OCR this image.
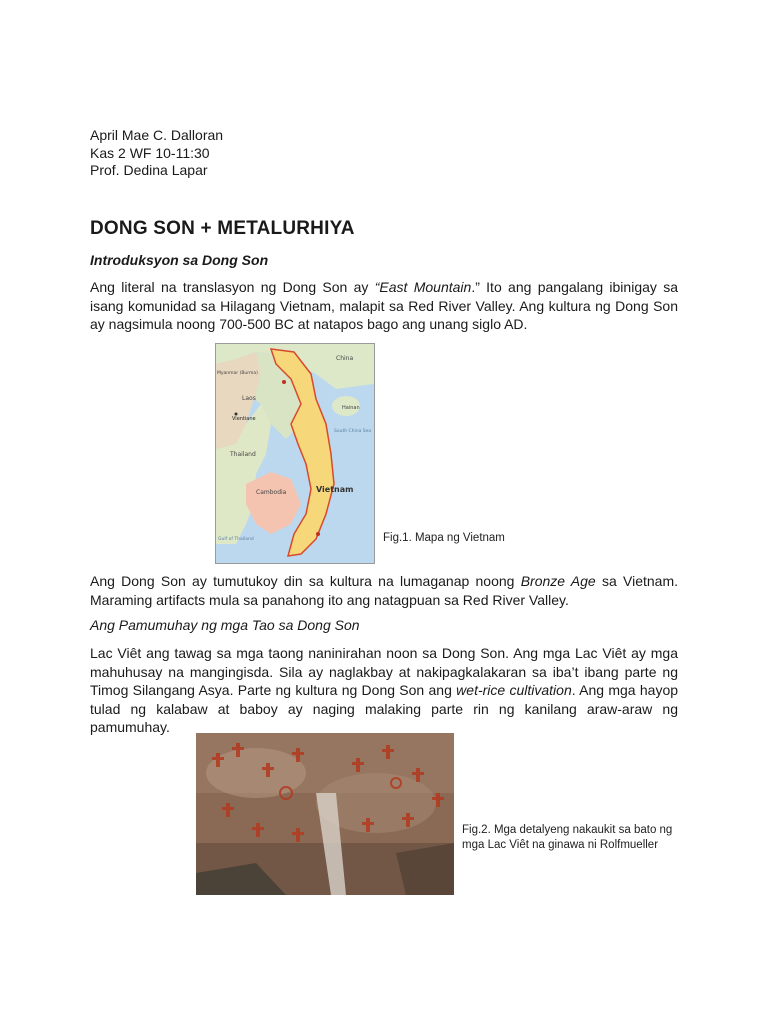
April Mae C. Dalloran
Kas 2 WF 10-11:30
Prof. Dedina Lapar
DONG SON + METALURHIYA

Introduksyon sa Dong Son

Ang literal na translasyon ng Dong Son ay “East Mountain.” Ito ang pangalang ibinigay sa isang komunidad sa Hilagang Vietnam, malapit sa Red River Valley. Ang kultura ng Dong Son ay nagsimula noong 700-500 BC at natapos bago ang unang siglo AD.

China
Myanmar (Burma)
Laos
Vientiane
Thailand
Cambodia	Vietnam
Hainan
South China Sea
Gulf of Thailand	Fig.1. Mapa ng Vietnam

Ang Dong Son ay tumutukoy din sa kultura na lumaganap noong Bronze Age sa Vietnam. Maraming artifacts mula sa panahong ito ang natagpuan sa Red River Valley.

Ang Pamumuhay ng mga Tao sa Dong Son

Lac Viêt ang tawag sa mga taong naninirahan noon sa Dong Son. Ang mga Lac Viêt ay mga mahuhusay na mangingisda. Sila ay naglakbay at nakipagkalakaran sa iba’t ibang parte ng Timog Silangang Asya. Parte ng kultura ng Dong Son ang wet-rice cultivation. Ang mga hayop tulad ng kalabaw at baboy ay naging malaking parte rin ng kanilang araw-araw ng pamumuhay.

Fig.2. Mga detalyeng nakaukit sa bato ng mga Lac Viêt na ginawa ni Rolfmueller
